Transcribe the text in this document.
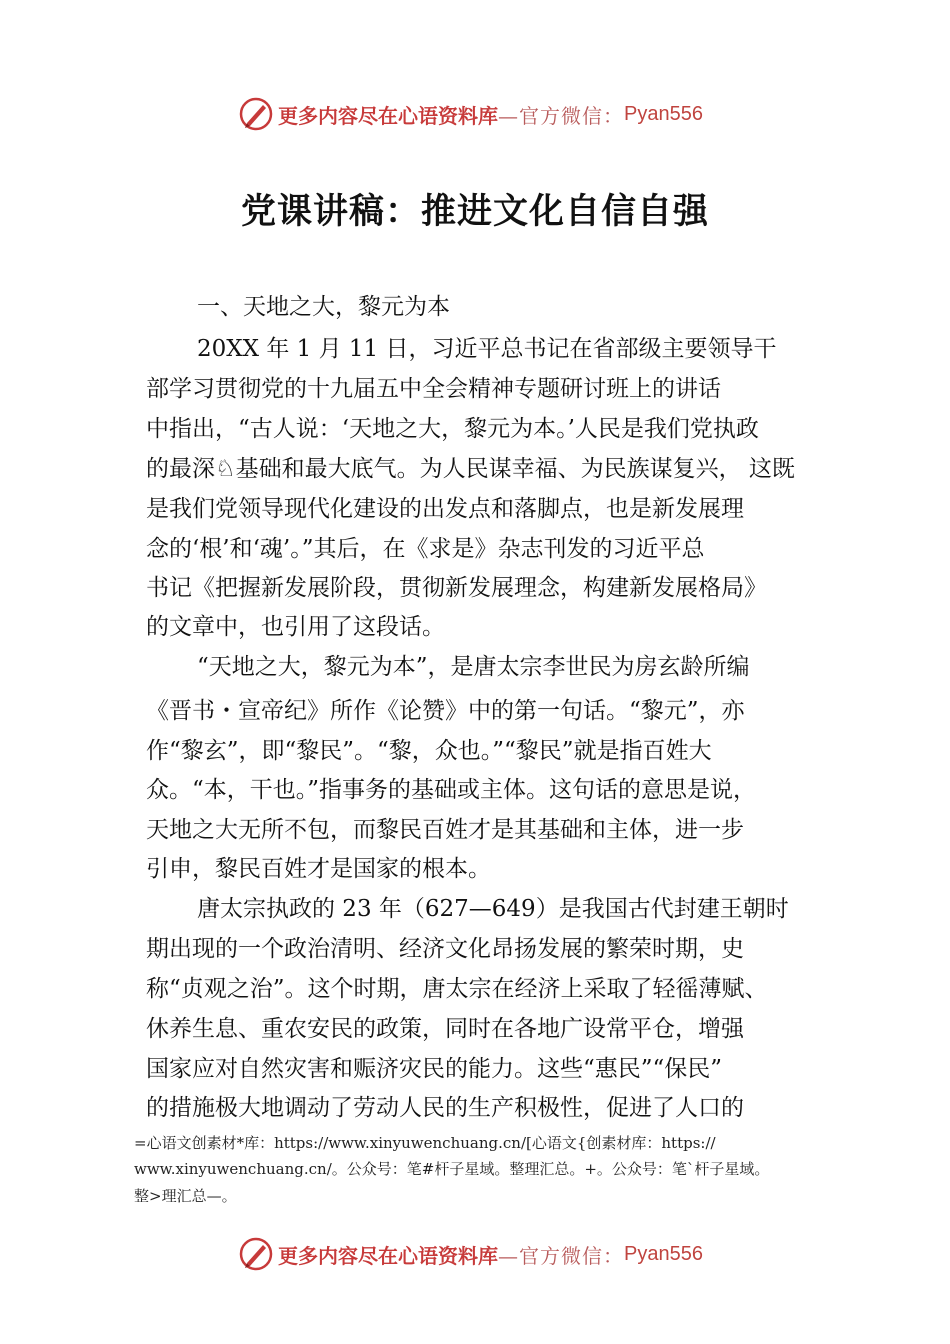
更多内容尽在心语资料库 —官方微信： Pyan556
党课讲稿：推进文化自信自强
一、天地之大，黎元为本
20XX 年 1 月 11 日，习近平总书记在省部级主要领导干
部学习贯彻党的十九届五中全会精神专题研讨班上的讲话
中指出，“古人说：‘天地之大，黎元为本。’人民是我们党执政
的最深♘基础和最大底气。为人民谋幸福、为民族谋复兴， 这既
是我们党领导现代化建设的出发点和落脚点，也是新发展理
念的‘根’和‘魂’。”其后，在《求是》杂志刊发的习近平总
书记《把握新发展阶段，贯彻新发展理念，构建新发展格局》
的文章中，也引用了这段话。
“天地之大，黎元为本”，是唐太宗李世民为房玄龄所编
《晋书・宣帝纪》所作《论赞》中的第一句话。“黎元”，亦
作“黎玄”，即“黎民”。“黎，众也。”“黎民”就是指百姓大
众。“本，干也。”指事务的基础或主体。这句话的意思是说，
天地之大无所不包，而黎民百姓才是其基础和主体，进一步
引申，黎民百姓才是国家的根本。
唐太宗执政的 23 年（627—649）是我国古代封建王朝时
期出现的一个政治清明、经济文化昂扬发展的繁荣时期，史
称“贞观之治”。这个时期，唐太宗在经济上采取了轻徭薄赋、
休养生息、重农安民的政策，同时在各地广设常平仓，增强
国家应对自然灾害和赈济灾民的能力。这些“惠民”“保民”
的措施极大地调动了劳动人民的生产积极性，促进了人口的
=心语文创素材*库：https://www.xinyuwenchuang.cn/[心语文{创素材库：https://
www.xinyuwenchuang.cn/。公众号：笔#杆子星域。整理汇总。+。公众号：笔`杆子星域。
整>理汇总—。
更多内容尽在心语资料库 —官方微信： Pyan556
